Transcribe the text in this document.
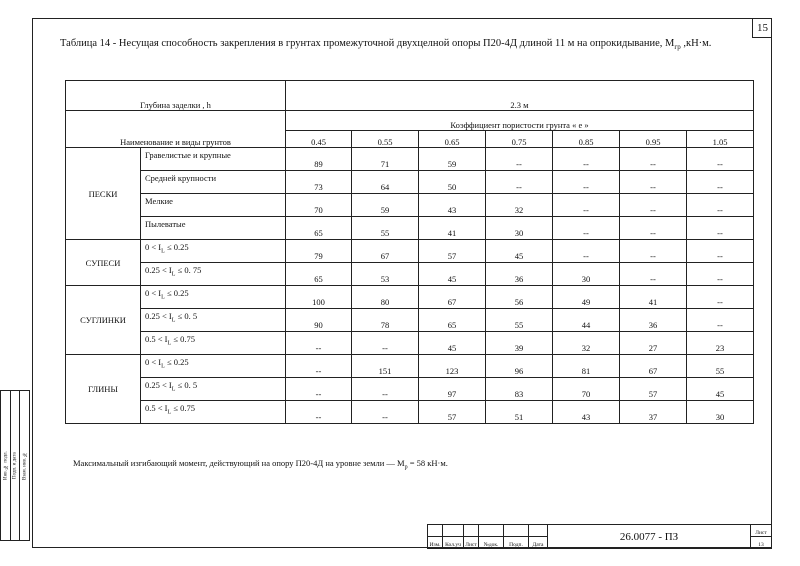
15
Таблица 14 - Несущая способность закрепления в грунтах промежуточной двухцелной опоры П20-4Д длиной 11 м на опрокидывание, $М_{гр}$ ,кН·м.
Глубина заделки , h		2.3 м						
Наименование и виды грунтов		Коэффициент пористости грунта « e »						
		0.45	0.55	0.65	0.75	0.85	0.95	1.05
ПЕСКИ	Гравелистые и крупные	89	71	59	--	--	--	--
	Средней крупности	73	64	50	--	--	--	--
	Мелкие	70	59	43	32	--	--	--
	Пылеватые	65	55	41	30	--	--	--
СУПЕСИ	$0 < I_L \le 0.25$	79	67	57	45	--	--	--
	$0.25 < I_L \le 0$. 75	65	53	45	36	30	--	--
СУГЛИНКИ	$0 < I_L \le 0.25$	100	80	67	56	49	41	--
	$0.25 < I_L \le 0$. 5	90	78	65	55	44	36	--
	$0.5 < I_L \le 0.75$	--	--	45	39	32	27	23
ГЛИНЫ	$0 < I_L \le 0.25$	--	151	123	96	81	67	55
	$0.25 < I_L \le 0$. 5	--	--	97	83	70	57	45
	$0.5 < I_L \le 0.75$	--	--	57	51	43	37	30
Максимальный изгибающий момент, действующий на опору П20-4Д на уровне земли — $М_р = 58$ кН·м.
						26.0077 - ПЗ	Лист
Изм.	Кол.уч	Лист	№док.	Подп.	Дата		13
Инв. № подл.	Подп. и дата	Взам. инв. №
